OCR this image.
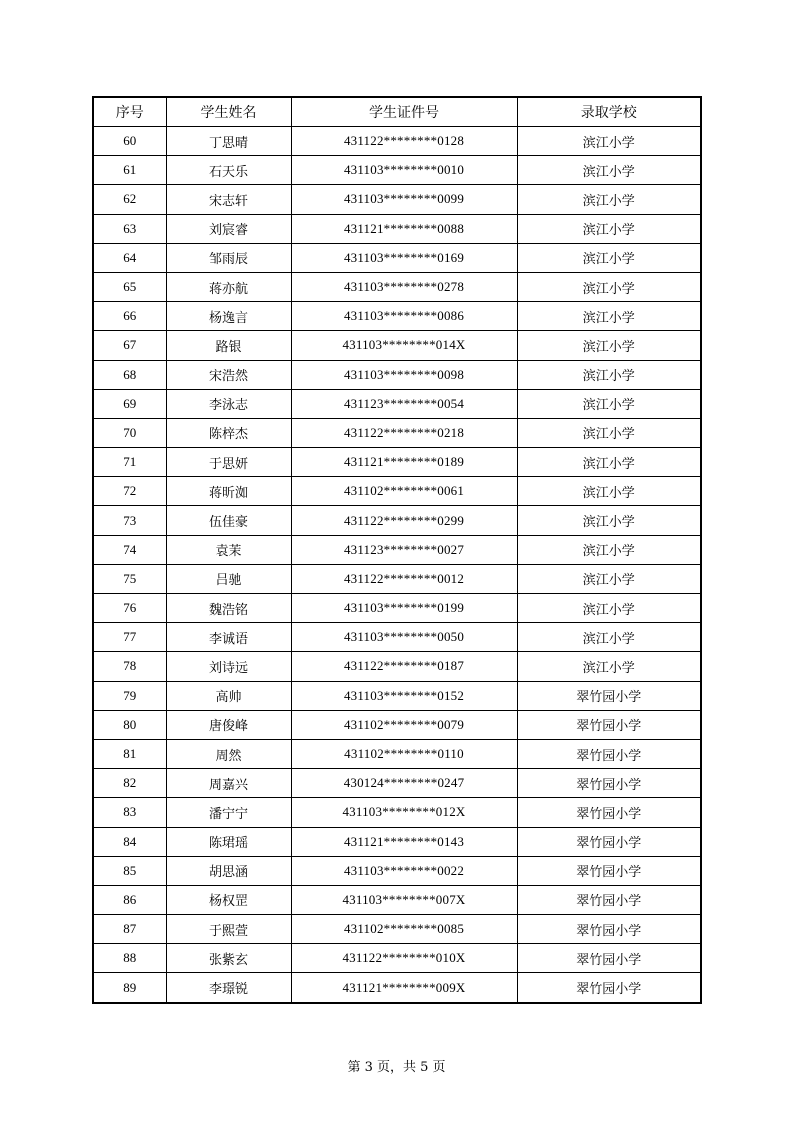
序号	学生姓名	学生证件号	录取学校
60	丁思晴	431122********0128	滨江小学
61	石天乐	431103********0010	滨江小学
62	宋志轩	431103********0099	滨江小学
63	刘宸睿	431121********0088	滨江小学
64	邹雨辰	431103********0169	滨江小学
65	蒋亦航	431103********0278	滨江小学
66	杨逸言	431103********0086	滨江小学
67	路银	431103********014X	滨江小学
68	宋浩然	431103********0098	滨江小学
69	李泳志	431123********0054	滨江小学
70	陈梓杰	431122********0218	滨江小学
71	于思妍	431121********0189	滨江小学
72	蒋昕洳	431102********0061	滨江小学
73	伍佳豪	431122********0299	滨江小学
74	袁茉	431123********0027	滨江小学
75	吕驰	431122********0012	滨江小学
76	魏浩铭	431103********0199	滨江小学
77	李诚语	431103********0050	滨江小学
78	刘诗远	431122********0187	滨江小学
79	高帅	431103********0152	翠竹园小学
80	唐俊峰	431102********0079	翠竹园小学
81	周然	431102********0110	翠竹园小学
82	周嘉兴	430124********0247	翠竹园小学
83	潘宁宁	431103********012X	翠竹园小学
84	陈珺瑶	431121********0143	翠竹园小学
85	胡思涵	431103********0022	翠竹园小学
86	杨权罡	431103********007X	翠竹园小学
87	于熙萱	431102********0085	翠竹园小学
88	张紫玄	431122********010X	翠竹园小学
89	李璟锐	431121********009X	翠竹园小学
第 3 页，共 5 页
